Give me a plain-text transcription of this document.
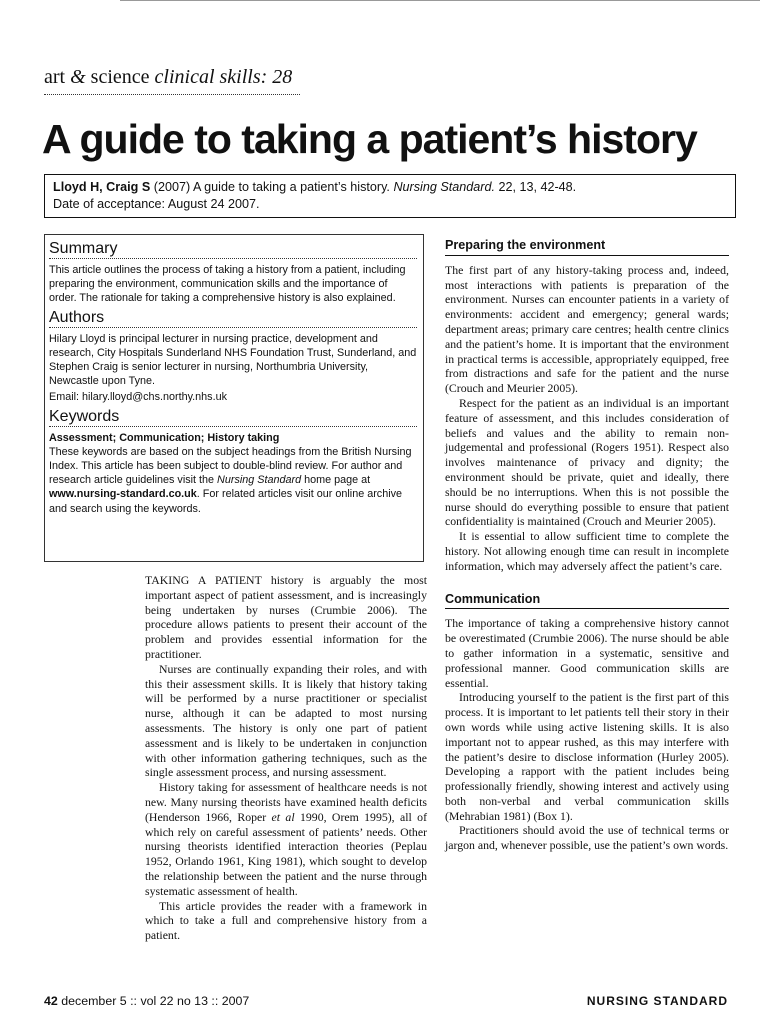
art & science clinical skills: 28
A guide to taking a patient’s history
Lloyd H, Craig S (2007) A guide to taking a patient’s history. Nursing Standard. 22, 13, 42-48.
Date of acceptance: August 24 2007.
Summary
This article outlines the process of taking a history from a patient, including preparing the environment, communication skills and the importance of order. The rationale for taking a comprehensive history is also explained.
Authors
Hilary Lloyd is principal lecturer in nursing practice, development and research, City Hospitals Sunderland NHS Foundation Trust, Sunderland, and Stephen Craig is senior lecturer in nursing, Northumbria University, Newcastle upon Tyne.
Email: hilary.lloyd@chs.northy.nhs.uk
Keywords
Assessment; Communication; History taking
These keywords are based on the subject headings from the British Nursing Index. This article has been subject to double-blind review. For author and research article guidelines visit the Nursing Standard home page at www.nursing-standard.co.uk. For related articles visit our online archive and search using the keywords.

TAKING A PATIENT history is arguably the most important aspect of patient assessment, and is increasingly being undertaken by nurses (Crumbie 2006). The procedure allows patients to present their account of the problem and provides essential information for the practitioner.

Nurses are continually expanding their roles, and with this their assessment skills. It is likely that history taking will be performed by a nurse practitioner or specialist nurse, although it can be adapted to most nursing assessments. The history is only one part of patient assessment and is likely to be undertaken in conjunction with other information gathering techniques, such as the single assessment process, and nursing assessment.

History taking for assessment of healthcare needs is not new. Many nursing theorists have examined health deficits (Henderson 1966, Roper et al 1990, Orem 1995), all of which rely on careful assessment of patients’ needs. Other nursing theorists identified interaction theories (Peplau 1952, Orlando 1961, King 1981), which sought to develop the relationship between the patient and the nurse through systematic assessment of health.

This article provides the reader with a framework in which to take a full and comprehensive history from a patient.

Preparing the environment

The first part of any history-taking process and, indeed, most interactions with patients is preparation of the environment. Nurses can encounter patients in a variety of environments: accident and emergency; general wards; department areas; primary care centres; health centre clinics and the patient’s home. It is important that the environment in practical terms is accessible, appropriately equipped, free from distractions and safe for the patient and the nurse (Crouch and Meurier 2005).

Respect for the patient as an individual is an important feature of assessment, and this includes consideration of beliefs and values and the ability to remain non-judgemental and professional (Rogers 1951). Respect also involves maintenance of privacy and dignity; the environment should be private, quiet and ideally, there should be no interruptions. When this is not possible the nurse should do everything possible to ensure that patient confidentiality is maintained (Crouch and Meurier 2005).

It is essential to allow sufficient time to complete the history. Not allowing enough time can result in incomplete information, which may adversely affect the patient’s care.

Communication

The importance of taking a comprehensive history cannot be overestimated (Crumbie 2006). The nurse should be able to gather information in a systematic, sensitive and professional manner. Good communication skills are essential.

Introducing yourself to the patient is the first part of this process. It is important to let patients tell their story in their own words while using active listening skills. It is also important not to appear rushed, as this may interfere with the patient’s desire to disclose information (Hurley 2005). Developing a rapport with the patient includes being professionally friendly, showing interest and actively using both non-verbal and verbal communication skills (Mehrabian 1981) (Box 1).

Practitioners should avoid the use of technical terms or jargon and, whenever possible, use the patient’s own words.

42 december 5 :: vol 22 no 13 :: 2007	NURSING STANDARD
